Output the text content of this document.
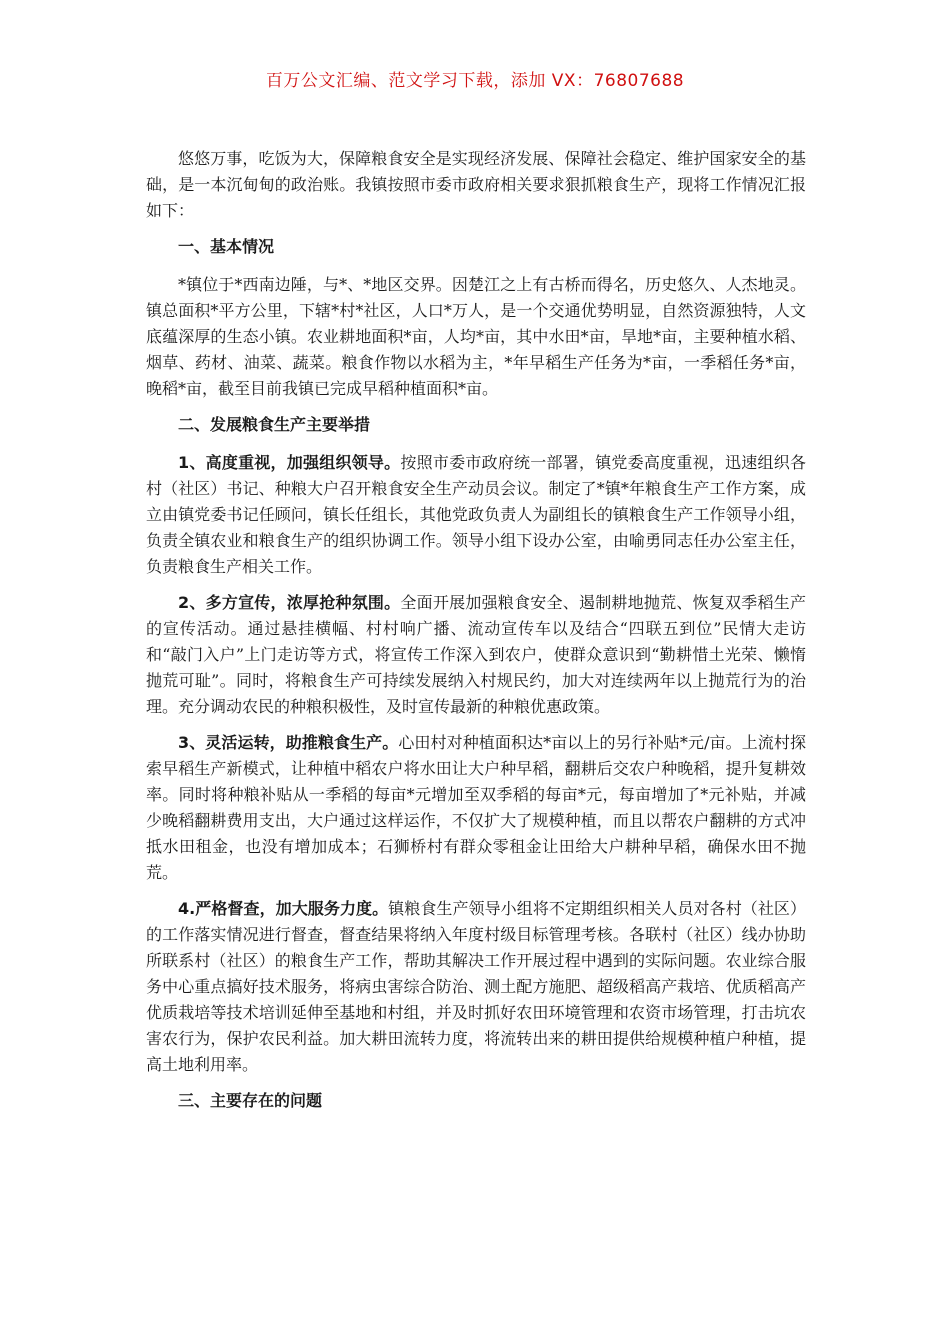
百万公文汇编、范文学习下载，添加 VX：76807688

悠悠万事，吃饭为大，保障粮食安全是实现经济发展、保障社会稳定、维护国家安全的基础，是一本沉甸甸的政治账。我镇按照市委市政府相关要求狠抓粮食生产，现将工作情况汇报如下：

一、基本情况

*镇位于*西南边陲，与*、*地区交界。因楚江之上有古桥而得名，历史悠久、人杰地灵。镇总面积*平方公里，下辖*村*社区，人口*万人，是一个交通优势明显，自然资源独特，人文底蕴深厚的生态小镇。农业耕地面积*亩，人均*亩，其中水田*亩，旱地*亩，主要种植水稻、烟草、药材、油菜、蔬菜。粮食作物以水稻为主，*年早稻生产任务为*亩，一季稻任务*亩，晚稻*亩，截至目前我镇已完成早稻种植面积*亩。

二、发展粮食生产主要举措

1、高度重视，加强组织领导。按照市委市政府统一部署，镇党委高度重视，迅速组织各村（社区）书记、种粮大户召开粮食安全生产动员会议。制定了*镇*年粮食生产工作方案，成立由镇党委书记任顾问，镇长任组长，其他党政负责人为副组长的镇粮食生产工作领导小组，负责全镇农业和粮食生产的组织协调工作。领导小组下设办公室，由喻勇同志任办公室主任，负责粮食生产相关工作。

2、多方宣传，浓厚抢种氛围。全面开展加强粮食安全、遏制耕地抛荒、恢复双季稻生产的宣传活动。通过悬挂横幅、村村响广播、流动宣传车以及结合“四联五到位”民情大走访和“敲门入户”上门走访等方式，将宣传工作深入到农户，使群众意识到“勤耕惜土光荣、懒惰抛荒可耻”。同时，将粮食生产可持续发展纳入村规民约，加大对连续两年以上抛荒行为的治理。充分调动农民的种粮积极性，及时宣传最新的种粮优惠政策。

3、灵活运转，助推粮食生产。心田村对种植面积达*亩以上的另行补贴*元/亩。上流村探索早稻生产新模式，让种植中稻农户将水田让大户种早稻，翻耕后交农户种晚稻，提升复耕效率。同时将种粮补贴从一季稻的每亩*元增加至双季稻的每亩*元，每亩增加了*元补贴，并减少晚稻翻耕费用支出，大户通过这样运作，不仅扩大了规模种植，而且以帮农户翻耕的方式冲抵水田租金，也没有增加成本；石狮桥村有群众零租金让田给大户耕种早稻，确保水田不抛荒。

4.严格督查，加大服务力度。镇粮食生产领导小组将不定期组织相关人员对各村（社区）的工作落实情况进行督查，督查结果将纳入年度村级目标管理考核。各联村（社区）线办协助所联系村（社区）的粮食生产工作，帮助其解决工作开展过程中遇到的实际问题。农业综合服务中心重点搞好技术服务，将病虫害综合防治、测土配方施肥、超级稻高产栽培、优质稻高产优质栽培等技术培训延伸至基地和村组，并及时抓好农田环境管理和农资市场管理，打击坑农害农行为，保护农民利益。加大耕田流转力度，将流转出来的耕田提供给规模种植户种植，提高土地利用率。

三、主要存在的问题
